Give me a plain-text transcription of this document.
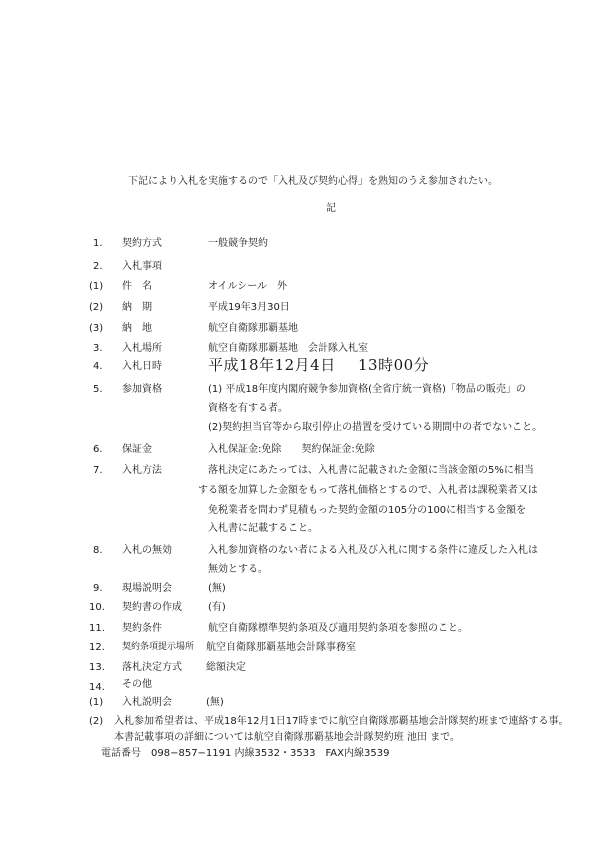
下記により入札を実施するので「入札及び契約心得」を熟知のうえ参加されたい。
記
1. 契約方式	一般競争契約
2. 入札事項
(1) 件　名	オイルシール　外
(2) 納　期	平成19年3月30日
(3) 納　地	航空自衛隊那覇基地
3. 入札場所	航空自衛隊那覇基地　会計隊入札室
4. 入札日時	平成18年12月4日 13時00分
5. 参加資格	(1) 平成18年度内閣府競争参加資格(全省庁統一資格)「物品の販売」の
資格を有する者。
(2)契約担当官等から取引停止の措置を受けている期間中の者でないこと。
6. 保証金	入札保証金:免除　　契約保証金:免除
7. 入札方法	　落札決定にあたっては、入札書に記載された金額に当該金額の5%に相当
する額を加算した金額をもって落札価格とするので、入札者は課税業者又は
免税業者を問わず見積もった契約金額の105分の100に相当する金額を
入札書に記載すること。
8. 入札の無効	　入札参加資格のない者による入札及び入札に関する条件に違反した入札は
無効とする。
9. 現場説明会	(無)
10. 契約書の作成	(有)
11. 契約条件	航空自衛隊標準契約条項及び適用契約条項を参照のこと。
12. 契約条項提示場所 航空自衛隊那覇基地会計隊事務室
13. 落札決定方式 総額決定
14. その他
(1) 入札説明会	(無)
(2) 入札参加希望者は、平成18年12月1日17時までに航空自衛隊那覇基地会計隊契約班まで連絡する事。
本書記載事項の詳細については航空自衛隊那覇基地会計隊契約班 池田 まで。
電話番号　098−857−1191 内線3532・3533　FAX内線3539
